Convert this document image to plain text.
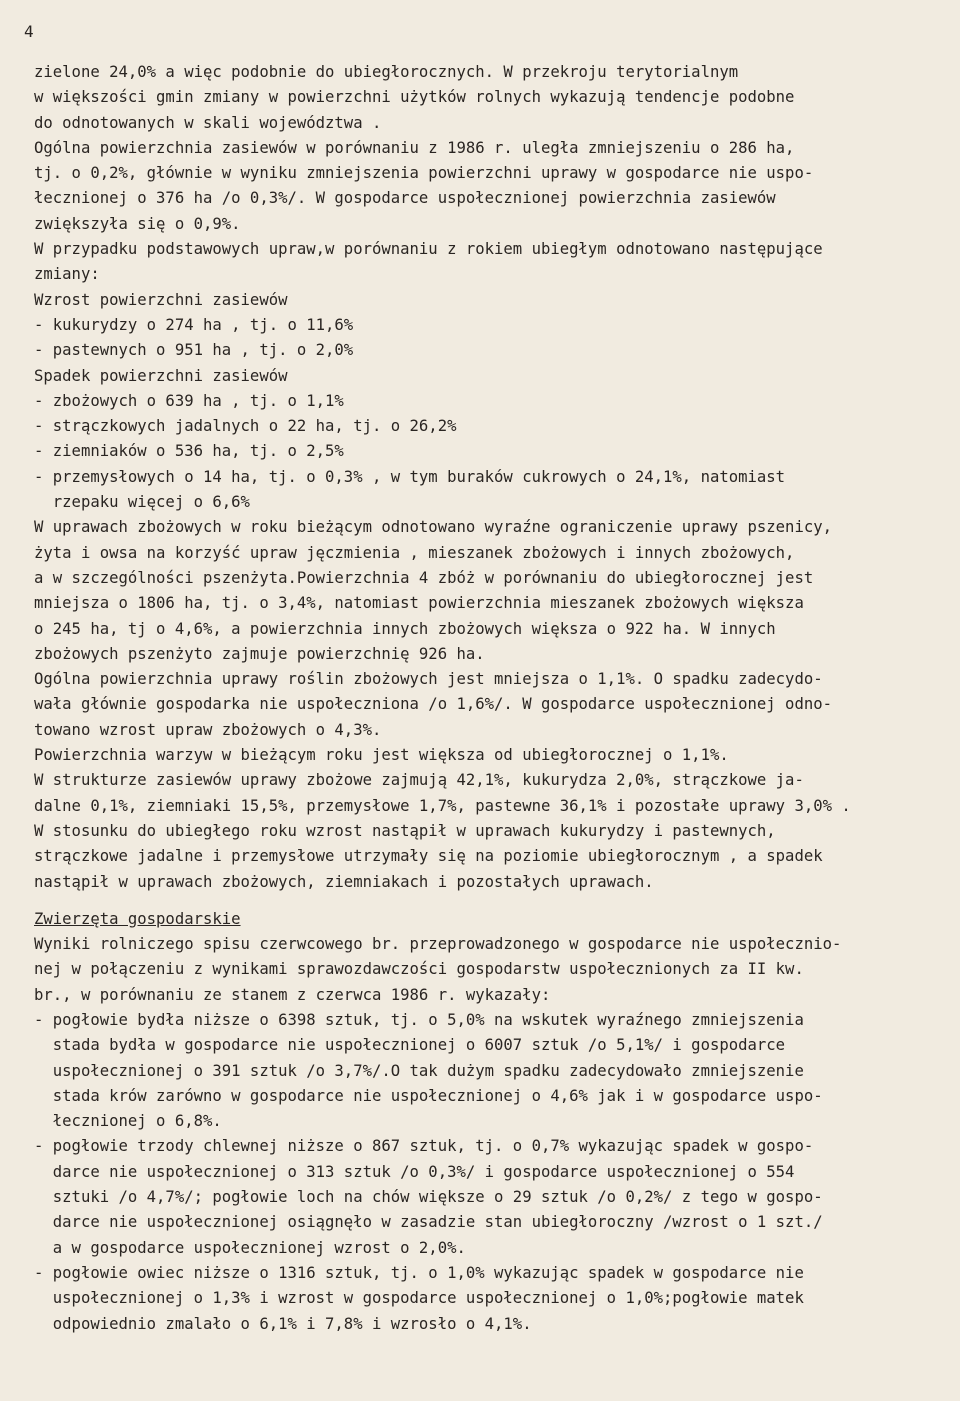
4
zielone 24,0% a więc podobnie do ubiegłorocznych. W przekroju terytorialnym
w większości gmin zmiany w powierzchni użytków rolnych wykazują tendencje podobne
do odnotowanych w skali województwa .
Ogólna powierzchnia zasiewów w porównaniu z 1986 r. uległa zmniejszeniu o 286 ha,
tj. o 0,2%, głównie w wyniku zmniejszenia powierzchni uprawy w gospodarce nie uspo-
łecznionej o 376 ha /o 0,3%/. W gospodarce uspołecznionej powierzchnia zasiewów
zwiększyła się o 0,9%.
W przypadku podstawowych upraw,w porównaniu z rokiem ubiegłym odnotowano następujące
zmiany:
Wzrost powierzchni zasiewów
- kukurydzy o 274 ha , tj. o 11,6%
- pastewnych o 951 ha , tj. o 2,0%
Spadek powierzchni zasiewów
- zbożowych o 639 ha , tj. o 1,1%
- strączkowych jadalnych o 22 ha, tj. o 26,2%
- ziemniaków o 536 ha, tj. o 2,5%
- przemysłowych o 14 ha, tj. o 0,3% , w tym buraków cukrowych o 24,1%, natomiast
rzepaku więcej o 6,6%
W uprawach zbożowych w roku bieżącym odnotowano wyraźne ograniczenie uprawy pszenicy,
żyta i owsa na korzyść upraw jęczmienia , mieszanek zbożowych i innych zbożowych,
a w szczególności pszenżyta.Powierzchnia 4 zbóż w porównaniu do ubiegłorocznej jest
mniejsza o 1806 ha, tj. o 3,4%, natomiast powierzchnia mieszanek zbożowych większa
o 245 ha, tj o 4,6%, a powierzchnia innych zbożowych większa o 922 ha. W innych
zbożowych pszenżyto zajmuje powierzchnię 926 ha.
Ogólna powierzchnia uprawy roślin zbożowych jest mniejsza o 1,1%. O spadku zadecydo-
wała głównie gospodarka nie uspołeczniona /o 1,6%/. W gospodarce uspołecznionej odno-
towano wzrost upraw zbożowych o 4,3%.
Powierzchnia warzyw w bieżącym roku jest większa od ubiegłorocznej o 1,1%.
W strukturze zasiewów uprawy zbożowe zajmują 42,1%, kukurydza 2,0%, strączkowe ja-
dalne 0,1%, ziemniaki 15,5%, przemysłowe 1,7%, pastewne 36,1% i pozostałe uprawy 3,0% .
W stosunku do ubiegłego roku wzrost nastąpił w uprawach kukurydzy i pastewnych,
strączkowe jadalne i przemysłowe utrzymały się na poziomie ubiegłorocznym , a spadek
nastąpił w uprawach zbożowych, ziemniakach i pozostałych uprawach.
Zwierzęta gospodarskie
Wyniki rolniczego spisu czerwcowego br. przeprowadzonego w gospodarce nie uspołecznio-
nej w połączeniu z wynikami sprawozdawczości gospodarstw uspołecznionych za II kw.
br., w porównaniu ze stanem z czerwca 1986 r. wykazały:
- pogłowie bydła niższe o 6398 sztuk, tj. o 5,0% na wskutek wyraźnego zmniejszenia
stada bydła w gospodarce nie uspołecznionej o 6007 sztuk /o 5,1%/ i gospodarce
uspołecznionej o 391 sztuk /o 3,7%/.O tak dużym spadku zadecydowało zmniejszenie
stada krów zarówno w gospodarce nie uspołecznionej o 4,6% jak i w gospodarce uspo-
łecznionej o 6,8%.
- pogłowie trzody chlewnej niższe o 867 sztuk, tj. o 0,7% wykazując spadek w gospo-
darce nie uspołecznionej o 313 sztuk /o 0,3%/ i gospodarce uspołecznionej o 554
sztuki /o 4,7%/; pogłowie loch na chów większe o 29 sztuk /o 0,2%/ z tego w gospo-
darce nie uspołecznionej osiągnęło w zasadzie stan ubiegłoroczny /wzrost o 1 szt./
a w gospodarce uspołecznionej wzrost o 2,0%.
- pogłowie owiec niższe o 1316 sztuk, tj. o 1,0% wykazując spadek w gospodarce nie
uspołecznionej o 1,3% i wzrost w gospodarce uspołecznionej o 1,0%;pogłowie matek
odpowiednio zmalało o 6,1% i 7,8% i wzrosło o 4,1%.
